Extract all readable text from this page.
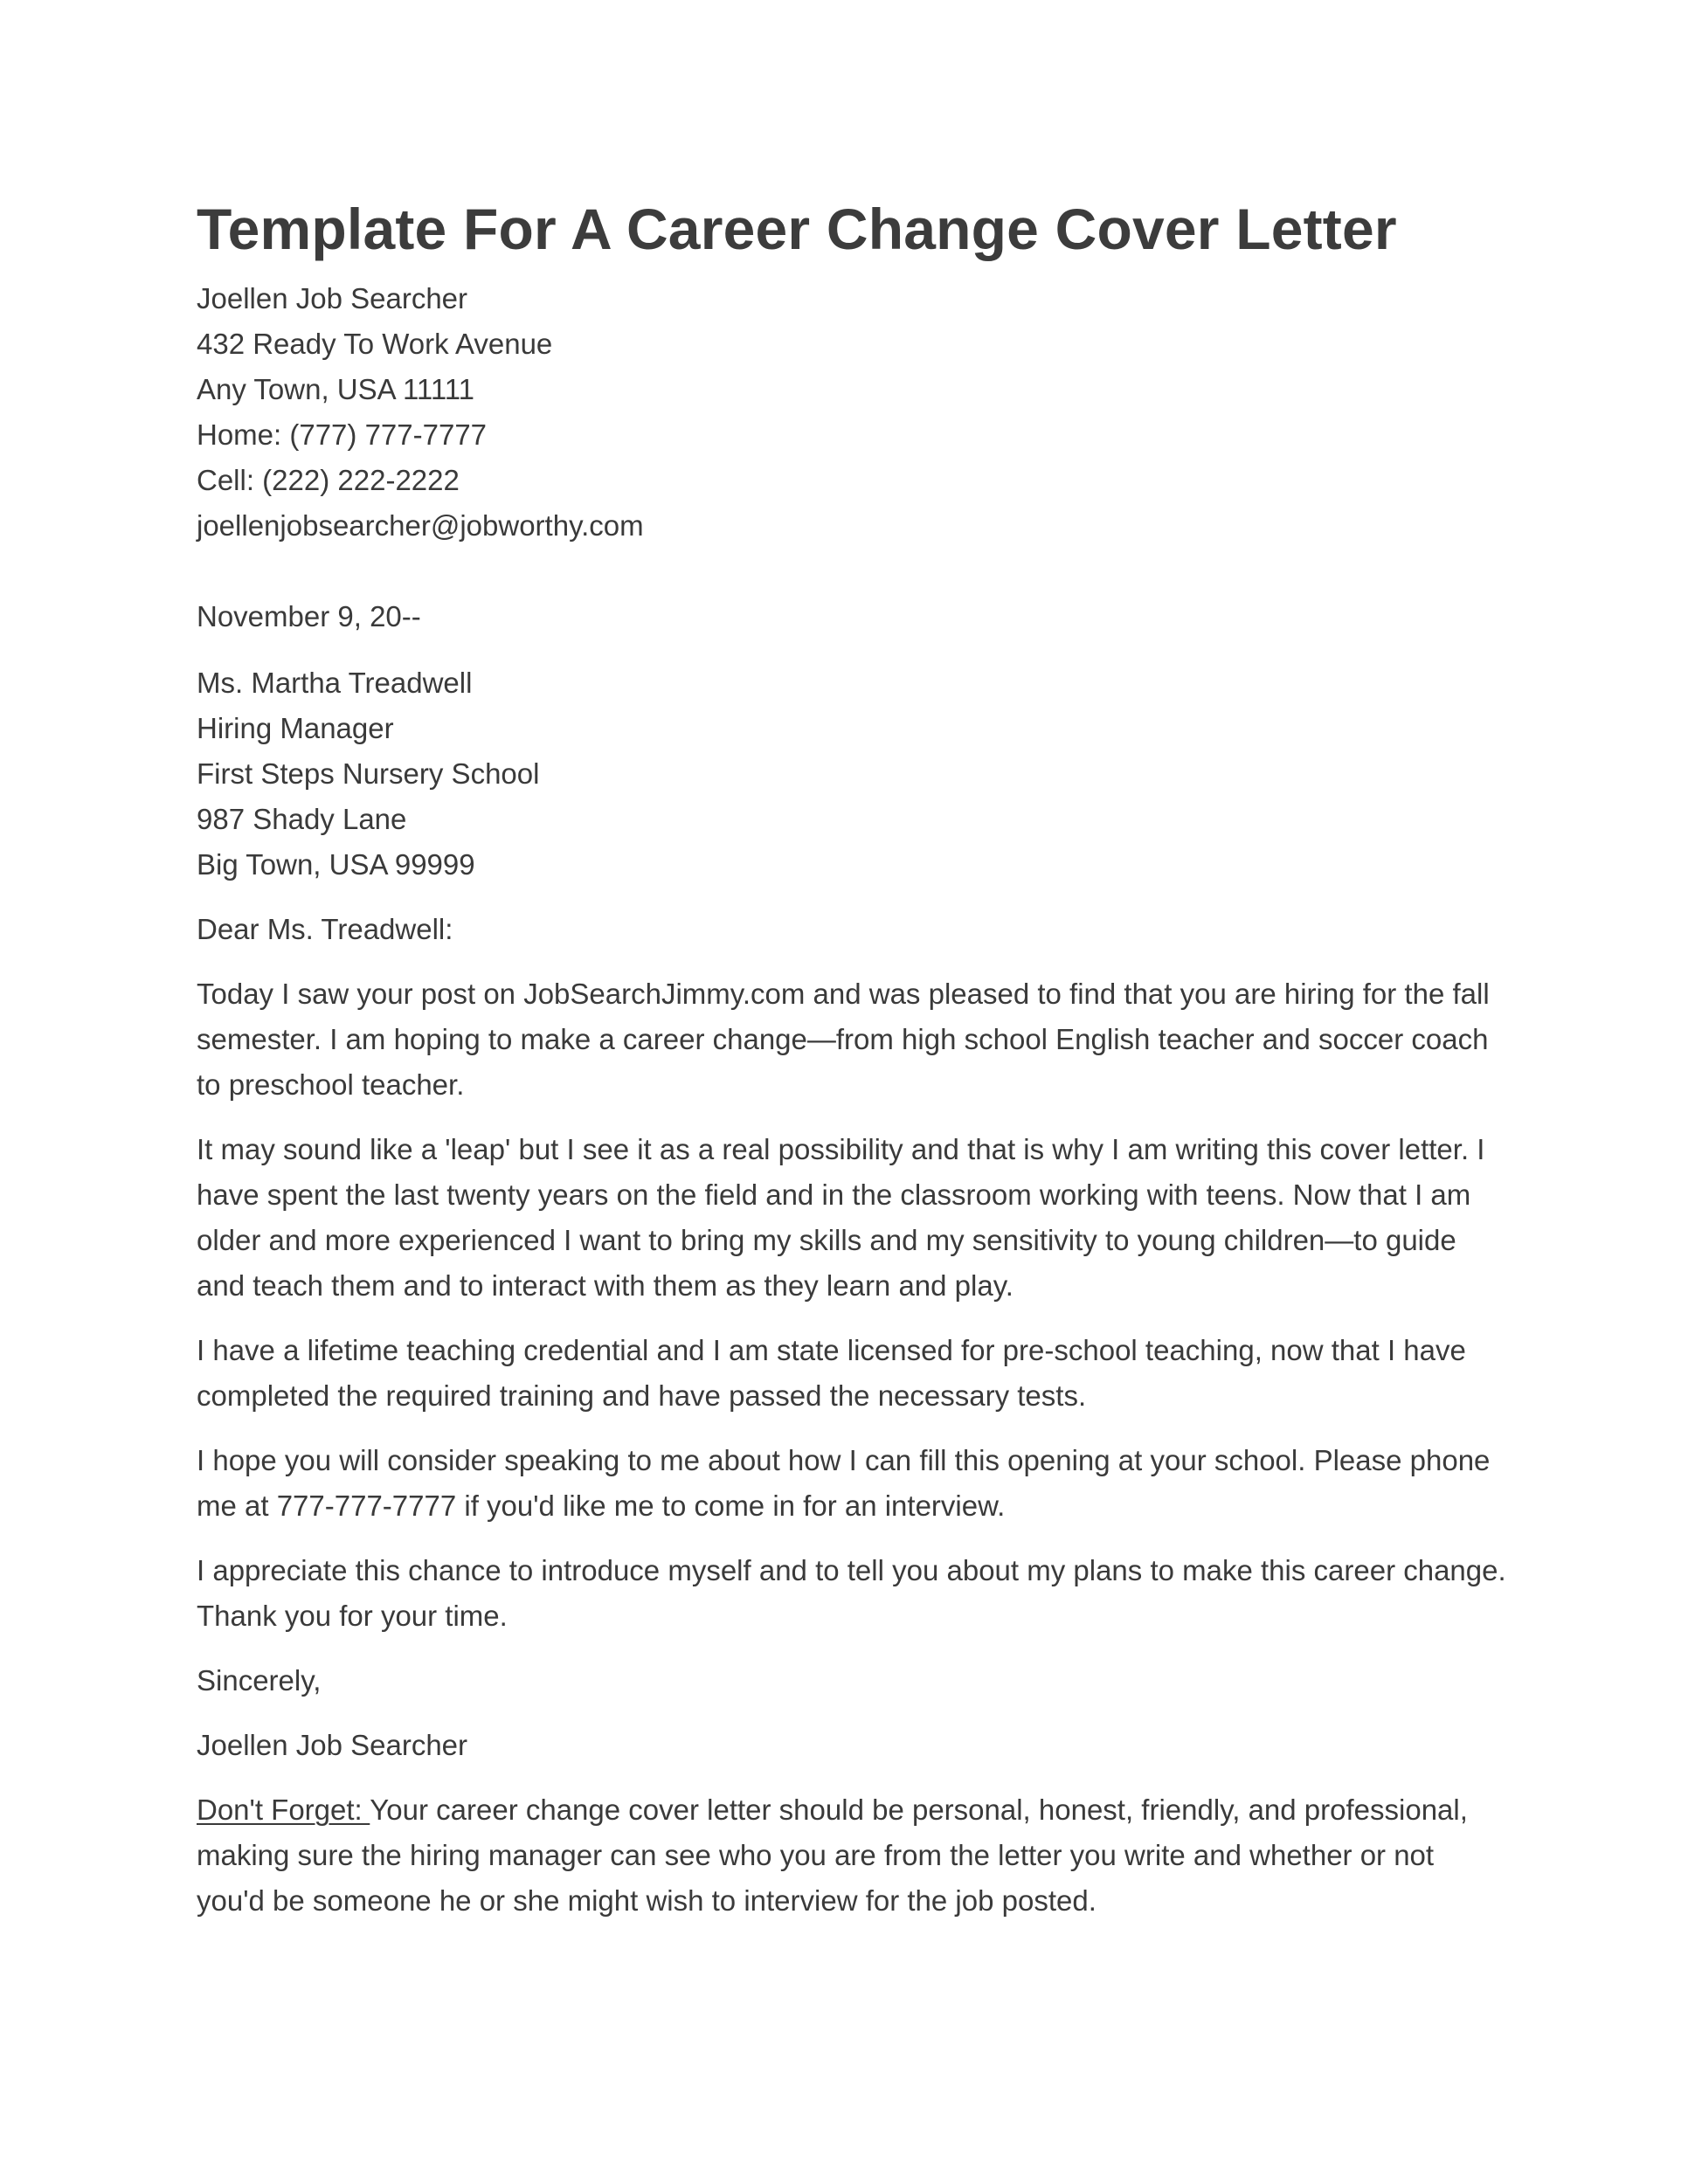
Template For A Career Change Cover Letter

Joellen Job Searcher

432 Ready To Work Avenue

Any Town, USA 11111

Home: (777) 777-7777

Cell: (222) 222-2222

joellenjobsearcher@jobworthy.com

November 9, 20--

Ms. Martha Treadwell

Hiring Manager

First Steps Nursery School

987 Shady Lane

Big Town, USA 99999

Dear Ms. Treadwell:

Today I saw your post on JobSearchJimmy.com and was pleased to find that you are hiring for the fall semester. I am hoping to make a career change—from high school English teacher and soccer coach to preschool teacher.

It may sound like a 'leap' but I see it as a real possibility and that is why I am writing this cover letter. I have spent the last twenty years on the field and in the classroom working with teens. Now that I am older and more experienced I want to bring my skills and my sensitivity to young children—to guide and teach them and to interact with them as they learn and play.

I have a lifetime teaching credential and I am state licensed for pre-school teaching, now that I have completed the required training and have passed the necessary tests.

I hope you will consider speaking to me about how I can fill this opening at your school. Please phone me at 777-777-7777 if you'd like me to come in for an interview.

I appreciate this chance to introduce myself and to tell you about my plans to make this career change. Thank you for your time.

Sincerely,

Joellen Job Searcher

Don't Forget: Your career change cover letter should be personal, honest, friendly, and professional, making sure the hiring manager can see who you are from the letter you write and whether or not you'd be someone he or she might wish to interview for the job posted.
